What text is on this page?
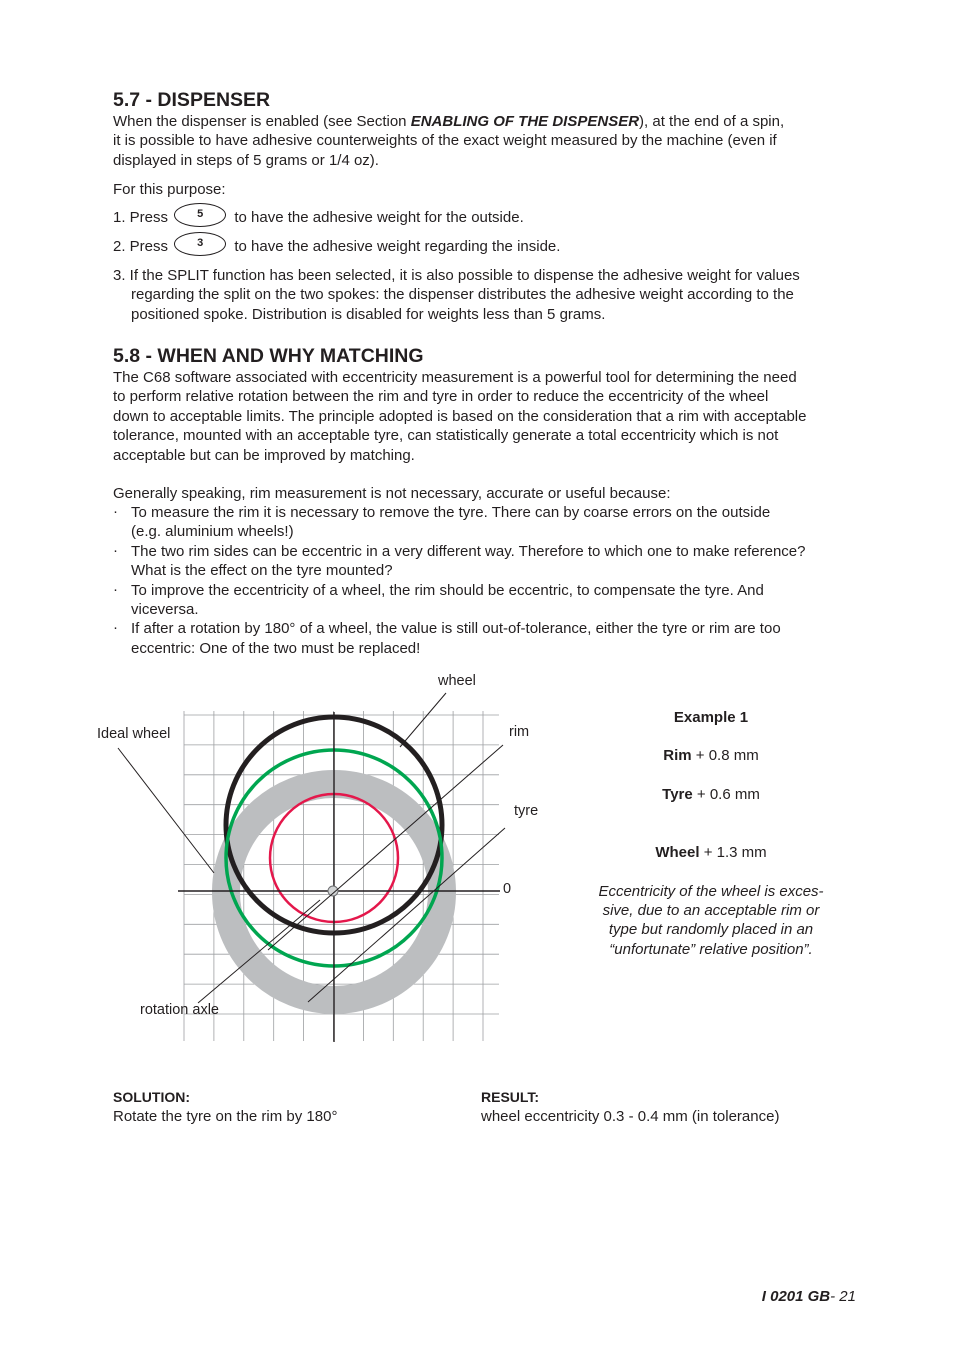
5.7 - DISPENSER

When the dispenser is enabled (see Section ENABLING OF THE DISPENSER), at the end of a spin,

it is possible to have adhesive counterweights of the exact weight measured by the machine (even if

displayed in steps of 5 grams or 1/4 oz).

For this purpose:

1. Press	5 to have the adhesive weight for the outside.
2. Press	3 to have the adhesive weight regarding the inside.

3. If the SPLIT function has been selected, it is also possible to dispense the adhesive weight for values

regarding the split on the two spokes: the dispenser distributes the adhesive weight according to the

positioned spoke. Distribution is disabled for weights less than 5 grams.

5.8 - WHEN AND WHY MATCHING

The C68 software associated with eccentricity measurement is a powerful tool for determining the need

to perform relative rotation between the rim and tyre in order to reduce the eccentricity of the wheel

down to acceptable limits. The principle adopted is based on the consideration that a rim with acceptable

tolerance, mounted with an acceptable tyre, can statistically generate a total eccentricity which is not

acceptable but can be improved by matching.

Generally speaking, rim measurement is not necessary, accurate or useful because:

· To measure the rim it is necessary to remove the tyre. There can by coarse errors on the outside
(e.g. aluminium wheels!)
· The two rim sides can be eccentric in a very different way. Therefore to which one to make reference?
What is the effect on the tyre mounted?
· To improve the eccentricity of a wheel, the rim should be eccentric, to compensate the tyre. And
viceversa.
· If after a rotation by 180° of a wheel, the value is still out-of-tolerance, either the tyre or rim are too
eccentric: One of the two must be replaced!
wheel
Ideal wheel	rim
tyre
0
rotation axle

Example 1

Rim + 0.8 mm

Tyre + 0.6 mm

Wheel + 1.3 mm

Eccentricity of the wheel is exces-

sive, due to an acceptable rim or

type but randomly placed in an

“unfortunate” relative position”.

SOLUTION:

Rotate the tyre on the rim by 180°

RESULT:

wheel eccentricity 0.3 - 0.4 mm (in tolerance)

I 0201 GB- 21
